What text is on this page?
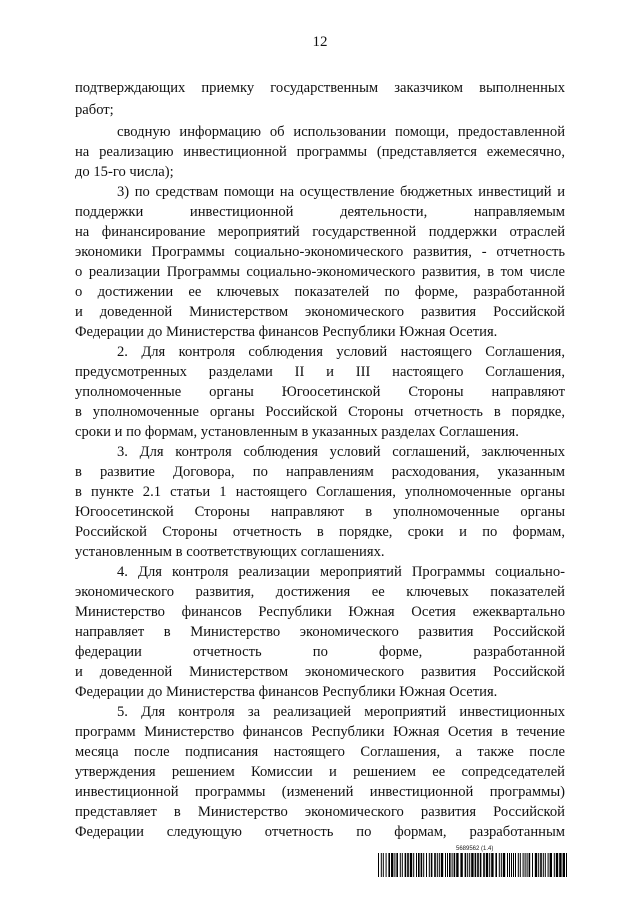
12
подтверждающих приемку государственным заказчиком выполненных
работ;
сводную информацию об использовании помощи, предоставленной
на реализацию инвестиционной программы (представляется ежемесячно,
до 15-го числа);
3) по средствам помощи на осуществление бюджетных инвестиций и
поддержки инвестиционной деятельности, направляемым
на финансирование мероприятий государственной поддержки отраслей
экономики Программы социально-экономического развития, - отчетность
о реализации Программы социально-экономического развития, в том числе
о достижении ее ключевых показателей по форме, разработанной
и доведенной Министерством экономического развития Российской
Федерации до Министерства финансов Республики Южная Осетия.
2. Для контроля соблюдения условий настоящего Соглашения,
предусмотренных разделами II и III настоящего Соглашения,
уполномоченные органы Югоосетинской Стороны направляют
в уполномоченные органы Российской Стороны отчетность в порядке,
сроки и по формам, установленным в указанных разделах Соглашения.
3. Для контроля соблюдения условий соглашений, заключенных
в развитие Договора, по направлениям расходования, указанным
в пункте 2.1 статьи 1 настоящего Соглашения, уполномоченные органы
Югоосетинской Стороны направляют в уполномоченные органы
Российской Стороны отчетность в порядке, сроки и по формам,
установленным в соответствующих соглашениях.
4. Для контроля реализации мероприятий Программы социально-
экономического развития, достижения ее ключевых показателей
Министерство финансов Республики Южная Осетия ежеквартально
направляет в Министерство экономического развития Российской
федерации отчетность по форме, разработанной
и доведенной Министерством экономического развития Российской
Федерации до Министерства финансов Республики Южная Осетия.
5. Для контроля за реализацией мероприятий инвестиционных
программ Министерство финансов Республики Южная Осетия в течение
месяца после подписания настоящего Соглашения, а также после
утверждения решением Комиссии и решением ее сопредседателей
инвестиционной программы (изменений инвестиционной программы)
представляет в Министерство экономического развития Российской
Федерации следующую отчетность по формам, разработанным
5689562 (1.4)
